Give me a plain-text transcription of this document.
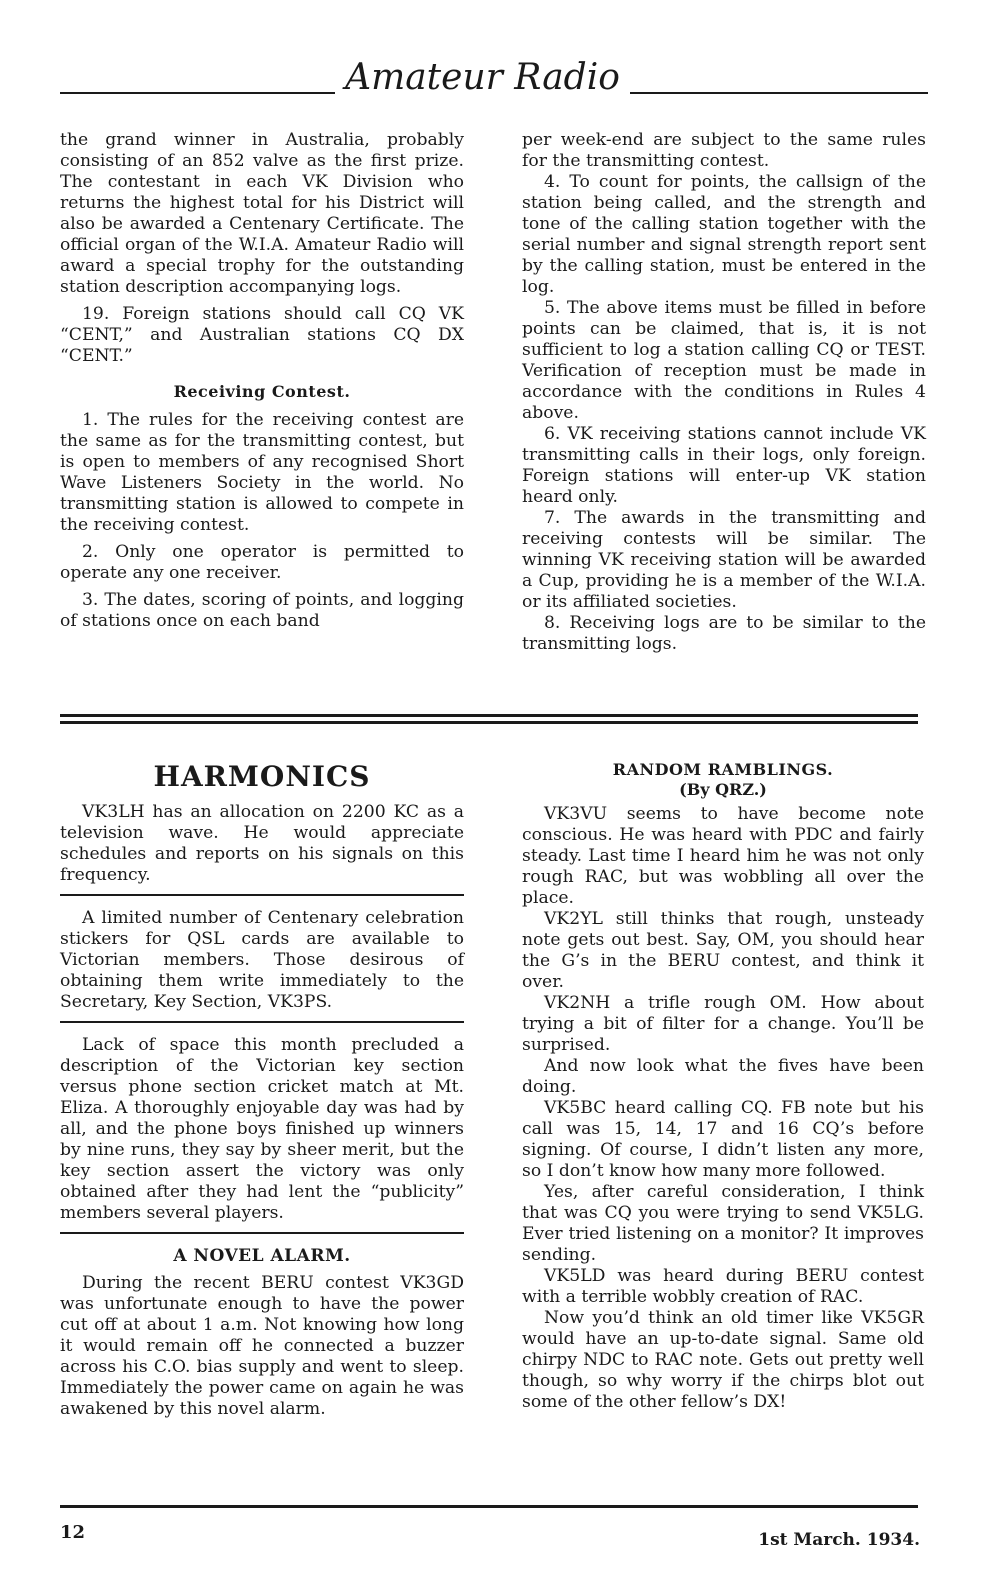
Amateur Radio

the grand winner in Australia, probably consisting of an 852 valve as the first prize. The contestant in each VK Division who returns the highest total for his District will also be awarded a Centenary Certificate. The official organ of the W.I.A. Amateur Radio will award a special trophy for the outstanding station description accompanying logs.

19. Foreign stations should call CQ VK “CENT,” and Australian stations CQ DX “CENT.”

Receiving Contest.

1. The rules for the receiving contest are the same as for the transmitting contest, but is open to members of any recognised Short Wave Listeners Society in the world. No transmitting station is allowed to compete in the receiving contest.

2. Only one operator is permitted to operate any one receiver.

3. The dates, scoring of points, and logging of stations once on each band

per week-end are subject to the same rules for the transmitting contest.

4. To count for points, the callsign of the station being called, and the strength and tone of the calling station together with the serial number and signal strength report sent by the calling station, must be entered in the log.

5. The above items must be filled in before points can be claimed, that is, it is not sufficient to log a station calling CQ or TEST. Verification of reception must be made in accordance with the conditions in Rules 4 above.

6. VK receiving stations cannot include VK transmitting calls in their logs, only foreign. Foreign stations will enter-up VK station heard only.

7. The awards in the transmitting and receiving contests will be similar. The winning VK receiving station will be awarded a Cup, providing he is a member of the W.I.A. or its affiliated societies.

8. Receiving logs are to be similar to the transmitting logs.

HARMONICS

VK3LH has an allocation on 2200 KC as a television wave. He would appreciate schedules and reports on his signals on this frequency.

A limited number of Centenary celebration stickers for QSL cards are available to Victorian members. Those desirous of obtaining them write immediately to the Secretary, Key Section, VK3PS.

Lack of space this month precluded a description of the Victorian key section versus phone section cricket match at Mt. Eliza. A thoroughly enjoyable day was had by all, and the phone boys finished up winners by nine runs, they say by sheer merit, but the key section assert the victory was only obtained after they had lent the “publicity” members several players.

A NOVEL ALARM.

During the recent BERU contest VK3GD was unfortunate enough to have the power cut off at about 1 a.m. Not knowing how long it would remain off he connected a buzzer across his C.O. bias supply and went to sleep. Immediately the power came on again he was awakened by this novel alarm.

RANDOM RAMBLINGS.
(By QRZ.)

VK3VU seems to have become note conscious. He was heard with PDC and fairly steady. Last time I heard him he was not only rough RAC, but was wobbling all over the place.

VK2YL still thinks that rough, unsteady note gets out best. Say, OM, you should hear the G’s in the BERU contest, and think it over.

VK2NH a trifle rough OM. How about trying a bit of filter for a change. You’ll be surprised.

And now look what the fives have been doing.

VK5BC heard calling CQ. FB note but his call was 15, 14, 17 and 16 CQ’s before signing. Of course, I didn’t listen any more, so I don’t know how many more followed.

Yes, after careful consideration, I think that was CQ you were trying to send VK5LG. Ever tried listening on a monitor? It improves sending.

VK5LD was heard during BERU contest with a terrible wobbly creation of RAC.

Now you’d think an old timer like VK5GR would have an up-to-date signal. Same old chirpy NDC to RAC note. Gets out pretty well though, so why worry if the chirps blot out some of the other fellow’s DX!

12	1st March. 1934.
